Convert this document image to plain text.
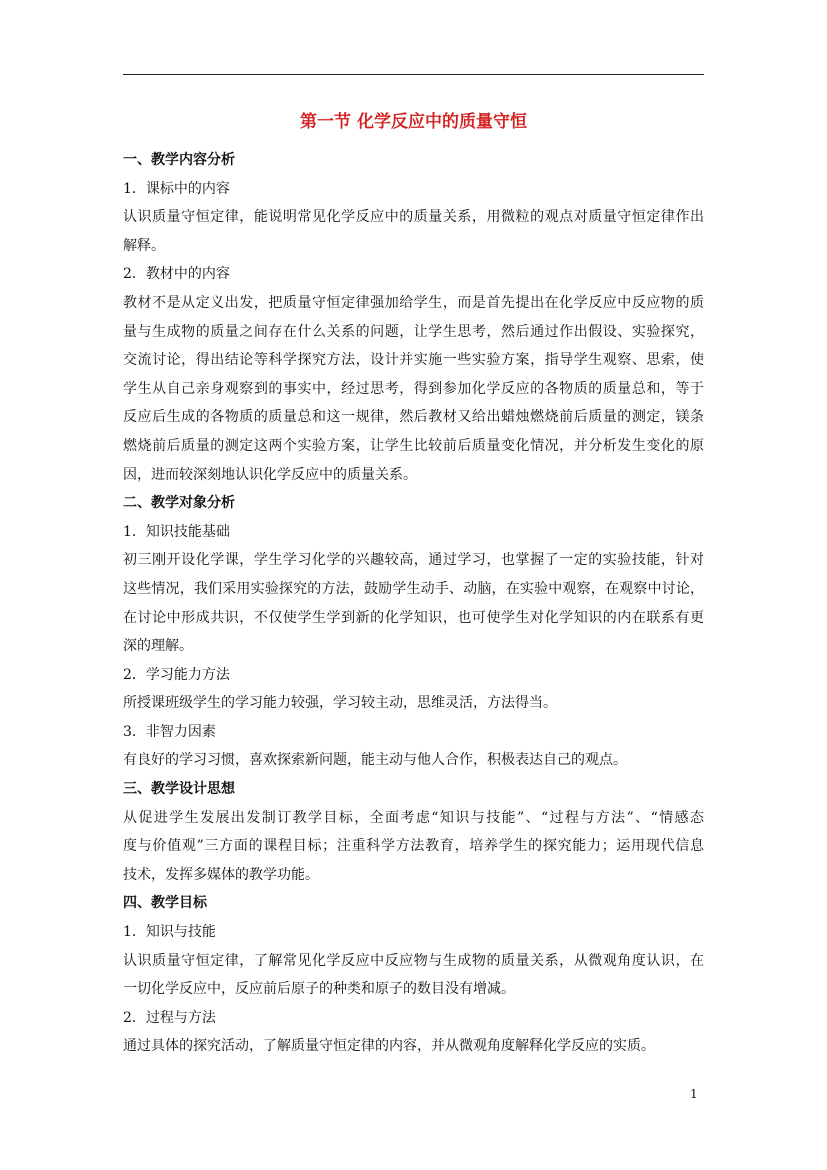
第一节 化学反应中的质量守恒
一、教学内容分析
1．课标中的内容
认识质量守恒定律，能说明常见化学反应中的质量关系，用微粒的观点对质量守恒定律作出
解释。
2．教材中的内容
教材不是从定义出发，把质量守恒定律强加给学生，而是首先提出在化学反应中反应物的质
量与生成物的质量之间存在什么关系的问题，让学生思考，然后通过作出假设、实验探究，
交流讨论，得出结论等科学探究方法，设计并实施一些实验方案，指导学生观察、思索，使
学生从自己亲身观察到的事实中，经过思考，得到参加化学反应的各物质的质量总和，等于
反应后生成的各物质的质量总和这一规律，然后教材又给出蜡烛燃烧前后质量的测定，镁条
燃烧前后质量的测定这两个实验方案，让学生比较前后质量变化情况，并分析发生变化的原
因，进而较深刻地认识化学反应中的质量关系。
二、教学对象分析
1．知识技能基础
初三刚开设化学课，学生学习化学的兴趣较高，通过学习，也掌握了一定的实验技能，针对
这些情况，我们采用实验探究的方法，鼓励学生动手、动脑，在实验中观察，在观察中讨论，
在讨论中形成共识，不仅使学生学到新的化学知识，也可使学生对化学知识的内在联系有更
深的理解。
2．学习能力方法
所授课班级学生的学习能力较强，学习较主动，思维灵活，方法得当。
3．非智力因素
有良好的学习习惯，喜欢探索新问题，能主动与他人合作，积极表达自己的观点。
三、教学设计思想
从促进学生发展出发制订教学目标，全面考虑“知识与技能”、“过程与方法”、“情感态
度与价值观”三方面的课程目标；注重科学方法教育，培养学生的探究能力；运用现代信息
技术，发挥多媒体的教学功能。
四、教学目标
1．知识与技能
认识质量守恒定律，了解常见化学反应中反应物与生成物的质量关系，从微观角度认识，在
一切化学反应中，反应前后原子的种类和原子的数目没有增减。
2．过程与方法
通过具体的探究活动，了解质量守恒定律的内容，并从微观角度解释化学反应的实质。
1
